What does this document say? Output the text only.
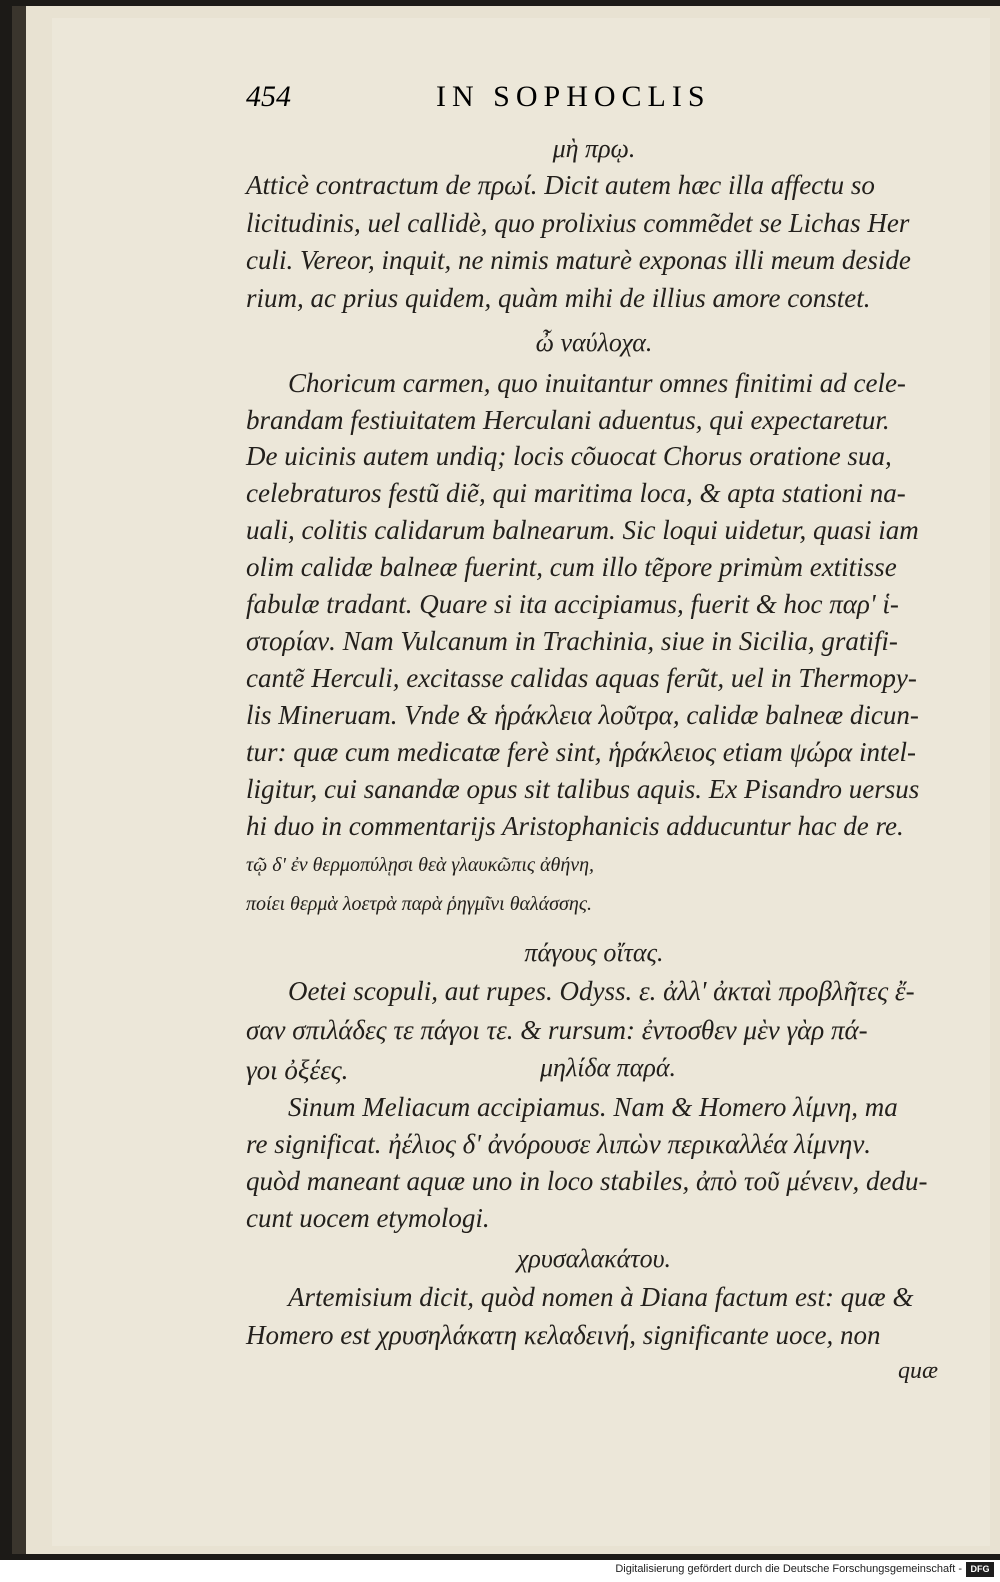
454	IN SOPHOCLIS
μὴ πρῳ.
Atticè contractum de πρωί. Dicit autem hæc illa affectu so
licitudinis, uel callidè, quo prolixius commẽdet se Lichas Her
culi. Vereor, inquit, ne nimis maturè exponas illi meum deside
rium, ac prius quidem, quàm mihi de illius amore constet.
ὦ ναύλοχα.
Choricum carmen, quo inuitantur omnes finitimi ad cele-
brandam festiuitatem Herculani aduentus, qui expectaretur.
De uicinis autem undiq; locis cõuocat Chorus oratione sua,
celebraturos festũ diẽ, qui maritima loca, & apta stationi na-
uali, colitis calidarum balnearum. Sic loqui uidetur, quasi iam
olim calidæ balneæ fuerint, cum illo tẽpore primùm extitisse
fabulæ tradant. Quare si ita accipiamus, fuerit & hoc παρ' ἱ-
στορίαν. Nam Vulcanum in Trachinia, siue in Sicilia, gratifi-
cantẽ Herculi, excitasse calidas aquas ferũt, uel in Thermopy-
lis Mineruam. Vnde & ἡράκλεια λοῦτρα, calidæ balneæ dicun-
tur: quæ cum medicatæ ferè sint, ἡράκλειος etiam ψώρα intel-
ligitur, cui sanandæ opus sit talibus aquis. Ex Pisandro uersus
hi duo in commentarijs Aristophanicis adducuntur hac de re.
τῷ δ' ἐν θερμοπύλῃσι θεὰ γλαυκῶπις ἀθήνη,
ποίει θερμὰ λοετρὰ παρὰ ῥηγμῖνι θαλάσσης.
πάγους οἴτας.
Oetei scopuli, aut rupes. Odyss. ε. ἀλλ' ἀκταὶ προβλῆτες ἔ-
σαν σπιλάδες τε πάγοι τε. & rursum: ἐντοσθεν μὲν γὰρ πά-
γοι ὀξέες.	μηλίδα παρά.
Sinum Meliacum accipiamus. Nam & Homero λίμνη, ma
re significat. ἠέλιος δ' ἀνόρουσε λιπὼν περικαλλέα λίμνην.
quòd maneant aquæ uno in loco stabiles, ἀπὸ τοῦ μένειν, dedu-
cunt uocem etymologi.
χρυσαλακάτου.
Artemisium dicit, quòd nomen à Diana factum est: quæ &
Homero est χρυσηλάκατη κελαδεινή, significante uoce, non
quæ
Digitalisierung gefördert durch die Deutsche Forschungsgemeinschaft - DFG
